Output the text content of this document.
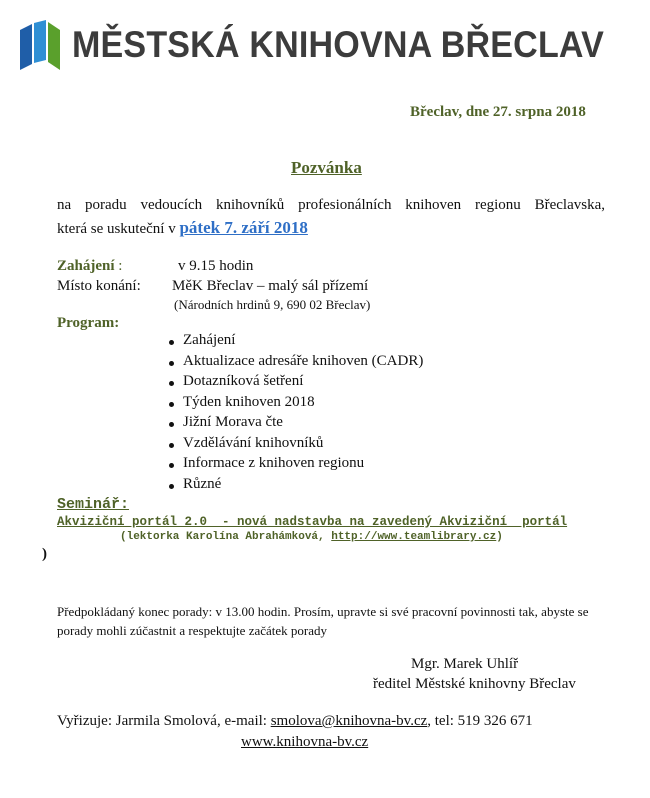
MĚSTSKÁ KNIHOVNA BŘECLAV
Břeclav, dne 27. srpna 2018
Pozvánka
na poradu vedoucích knihovníků profesionálních knihoven regionu Břeclavska,
která se uskuteční v pátek 7. září 2018
Zahájení :	v 9.15 hodin
Místo konání: MěK Břeclav – malý sál přízemí
(Národních hrdinů 9, 690 02 Břeclav)
Program:
Zahájení
Aktualizace adresáře knihoven (CADR)
Dotazníková šetření
Týden knihoven 2018
Jižní Morava čte
Vzdělávání knihovníků
Informace z knihoven regionu
Různé
Seminář:
Akviziční portál 2.0  - nová nadstavba na zavedený Akviziční  portál
(lektorka Karolína Abrahámková, http://www.teamlibrary.cz)
)
Předpokládaný konec porady: v 13.00 hodin. Prosím, upravte si své pracovní povinnosti tak, abyste se porady mohli zúčastnit a respektujte začátek porady
Mgr. Marek Uhlíř
ředitel Městské knihovny Břeclav
Vyřizuje: Jarmila Smolová, e-mail: smolova@knihovna-bv.cz, tel: 519 326 671
www.knihovna-bv.cz
